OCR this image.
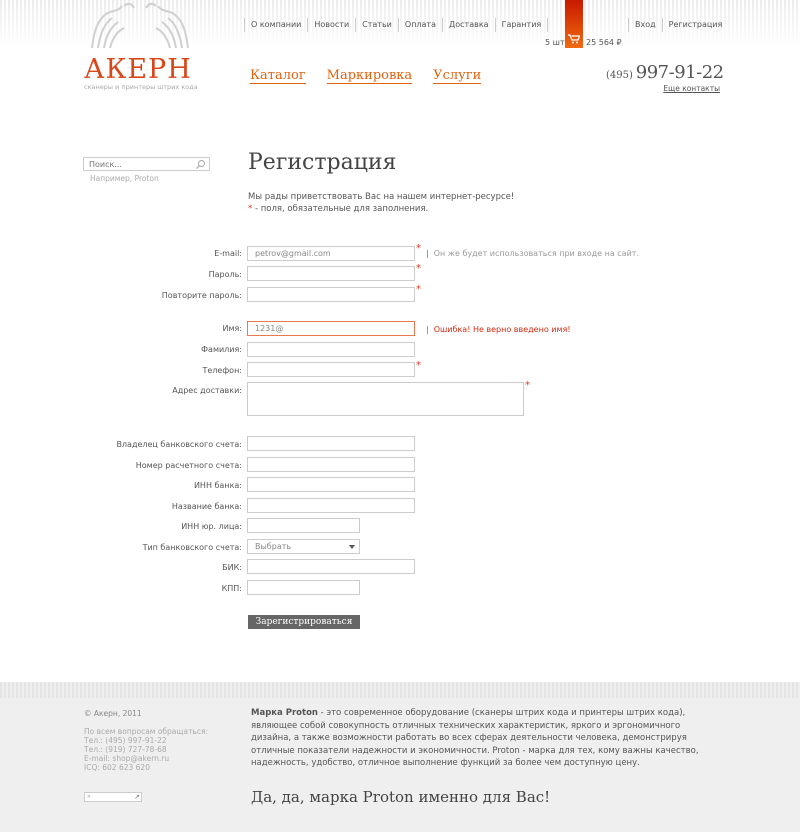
О компании	Новости	Статьи	Оплата	Доставка	Гарантия	Вход	Регистрация
5 шт	25 564 ₽
АКЕРН
сканеры и принтеры штрих кода
Каталог Маркировка Услуги	(495) 997-91-22
Еще контакты
Поиск...
Например, Proton
Регистрация
Мы рады приветствовать Вас на нашем интернет-ресурсе!
* - поля, обязательные для заполнения.
E-mail:
petrov@gmail.com	* | Он же будет использоваться при входе на сайт.
Пароль:
*
Повторите пароль:
*
Имя:
1231@	| Ошибка! Не верно введено имя!
Фамилия:
Телефон:	*
Адрес доставки:	*
Владелец банковского счета:
Номер расчетного счета:
ИНН банка:
Название банка:
ИНН юр. лица:
Тип банковского счета:	Выбрать
БИК:
КПП:
Зарегистрироваться
© Акерн, 2011
По всем вопросам обращаться:
Тел.: (495) 997-91-22
Тел.: (919) 727-78-68
E-mail: shop@akern.ru
ICQ: 602 623 620
»	↗
Марка Proton - это современное оборудование (сканеры штрих кода и принтеры штрих кода), являющее собой совокупность отличных технических характеристик, яркого и эргономичного дизайна, а также возможности работать во всех сферах деятельности человека, демонстрируя отличные показатели надежности и экономичности. Proton - марка для тех, кому важны качество, надежность, удобство, отличное выполнение функций за более чем доступную цену.
Да, да, марка Proton именно для Вас!
